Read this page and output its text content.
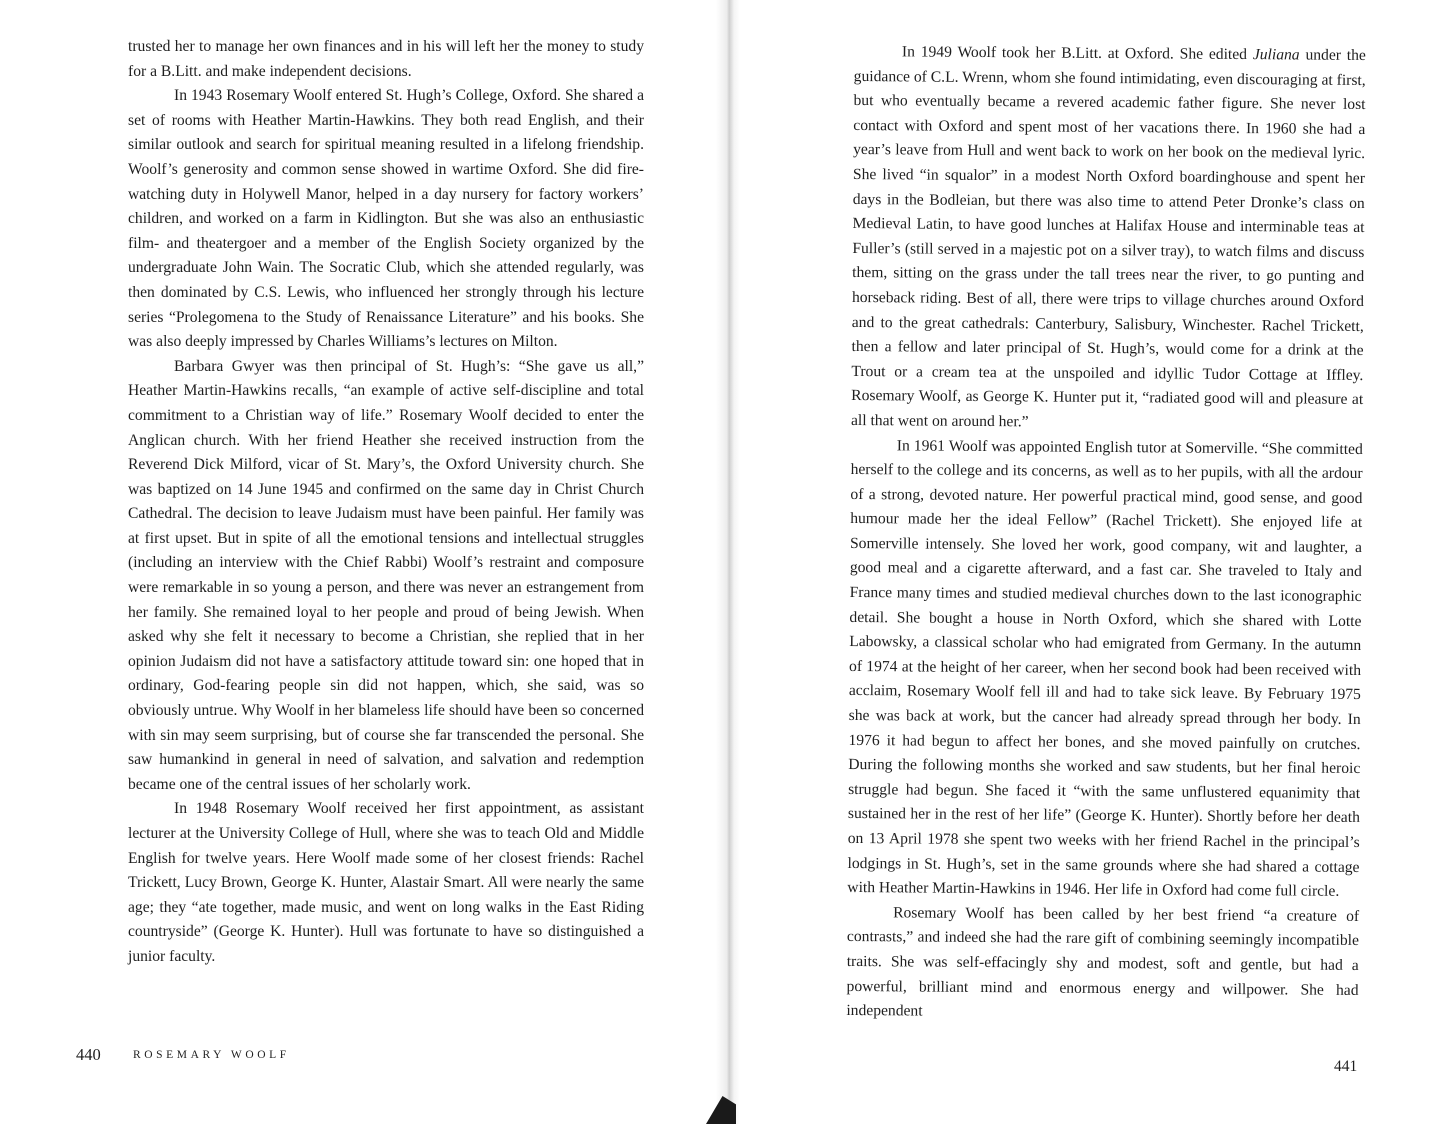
trusted her to manage her own finances and in his will left her the money to study for a B.Litt. and make independent decisions.

In 1943 Rosemary Woolf entered St. Hugh’s College, Oxford. She shared a set of rooms with Heather Martin-Hawkins. They both read English, and their similar outlook and search for spiritual meaning resulted in a lifelong friendship. Woolf’s generosity and common sense showed in wartime Oxford. She did fire-watching duty in Holywell Manor, helped in a day nursery for factory workers’ children, and worked on a farm in Kidlington. But she was also an enthusiastic film- and theatergoer and a member of the English Society organized by the undergraduate John Wain. The Socratic Club, which she attended regularly, was then dominated by C.S. Lewis, who influenced her strongly through his lecture series “Prolegomena to the Study of Renaissance Literature” and his books. She was also deeply impressed by Charles Williams’s lectures on Milton.

Barbara Gwyer was then principal of St. Hugh’s: “She gave us all,” Heather Martin-Hawkins recalls, “an example of active self-discipline and total commitment to a Christian way of life.” Rosemary Woolf decided to enter the Anglican church. With her friend Heather she received instruction from the Reverend Dick Milford, vicar of St. Mary’s, the Oxford University church. She was baptized on 14 June 1945 and confirmed on the same day in Christ Church Cathedral. The decision to leave Judaism must have been painful. Her family was at first upset. But in spite of all the emotional tensions and intellectual struggles (including an interview with the Chief Rabbi) Woolf’s restraint and composure were remarkable in so young a person, and there was never an estrangement from her family. She remained loyal to her people and proud of being Jewish. When asked why she felt it necessary to become a Christian, she replied that in her opinion Judaism did not have a satisfactory attitude toward sin: one hoped that in ordinary, God-fearing people sin did not happen, which, she said, was so obviously untrue. Why Woolf in her blameless life should have been so concerned with sin may seem surprising, but of course she far transcended the personal. She saw humankind in general in need of salvation, and salvation and redemption became one of the central issues of her scholarly work.

In 1948 Rosemary Woolf received her first appointment, as assistant lecturer at the University College of Hull, where she was to teach Old and Middle English for twelve years. Here Woolf made some of her closest friends: Rachel Trickett, Lucy Brown, George K. Hunter, Alastair Smart. All were nearly the same age; they “ate together, made music, and went on long walks in the East Riding countryside” (George K. Hunter). Hull was fortunate to have so distinguished a junior faculty.

440	ROSEMARY WOOLF

In 1949 Woolf took her B.Litt. at Oxford. She edited Juliana under the guidance of C.L. Wrenn, whom she found intimidating, even discouraging at first, but who eventually became a revered academic father figure. She never lost contact with Oxford and spent most of her vacations there. In 1960 she had a year’s leave from Hull and went back to work on her book on the medieval lyric. She lived “in squalor” in a modest North Oxford boardinghouse and spent her days in the Bodleian, but there was also time to attend Peter Dronke’s class on Medieval Latin, to have good lunches at Halifax House and interminable teas at Fuller’s (still served in a majestic pot on a silver tray), to watch films and discuss them, sitting on the grass under the tall trees near the river, to go punting and horseback riding. Best of all, there were trips to village churches around Oxford and to the great cathedrals: Canterbury, Salisbury, Winchester. Rachel Trickett, then a fellow and later principal of St. Hugh’s, would come for a drink at the Trout or a cream tea at the unspoiled and idyllic Tudor Cottage at Iffley. Rosemary Woolf, as George K. Hunter put it, “radiated good will and pleasure at all that went on around her.”

In 1961 Woolf was appointed English tutor at Somerville. “She committed herself to the college and its concerns, as well as to her pupils, with all the ardour of a strong, devoted nature. Her powerful practical mind, good sense, and good humour made her the ideal Fellow” (Rachel Trickett). She enjoyed life at Somerville intensely. She loved her work, good company, wit and laughter, a good meal and a cigarette afterward, and a fast car. She traveled to Italy and France many times and studied medieval churches down to the last iconographic detail. She bought a house in North Oxford, which she shared with Lotte Labowsky, a classical scholar who had emigrated from Germany. In the autumn of 1974 at the height of her career, when her second book had been received with acclaim, Rosemary Woolf fell ill and had to take sick leave. By February 1975 she was back at work, but the cancer had already spread through her body. In 1976 it had begun to affect her bones, and she moved painfully on crutches. During the following months she worked and saw students, but her final heroic struggle had begun. She faced it “with the same unflustered equanimity that sustained her in the rest of her life” (George K. Hunter). Shortly before her death on 13 April 1978 she spent two weeks with her friend Rachel in the principal’s lodgings in St. Hugh’s, set in the same grounds where she had shared a cottage with Heather Martin-Hawkins in 1946. Her life in Oxford had come full circle.

Rosemary Woolf has been called by her best friend “a creature of contrasts,” and indeed she had the rare gift of combining seemingly incompatible traits. She was self-effacingly shy and modest, soft and gentle, but had a powerful, brilliant mind and enormous energy and willpower. She had independent

441
